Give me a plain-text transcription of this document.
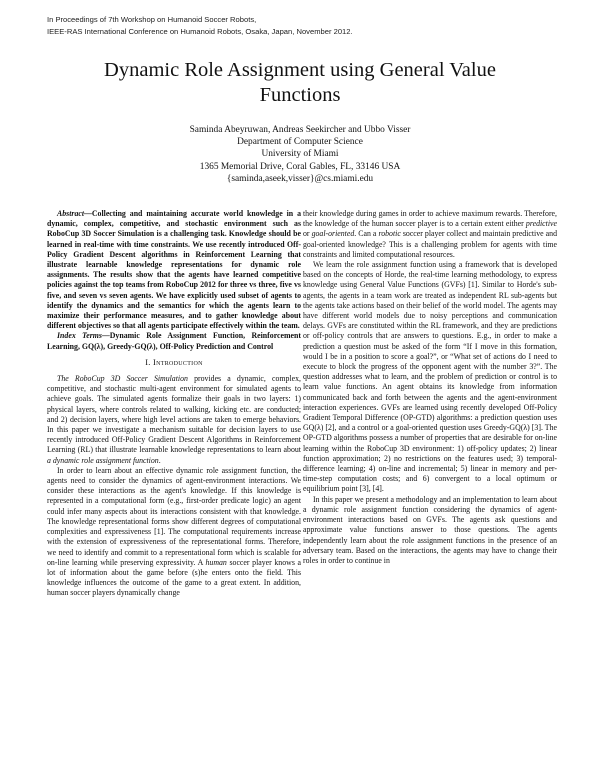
In Proceedings of 7th Workshop on Humanoid Soccer Robots,
IEEE-RAS International Conference on Humanoid Robots, Osaka, Japan, November 2012.
Dynamic Role Assignment using General Value
Functions
Saminda Abeyruwan, Andreas Seekircher and Ubbo Visser
Department of Computer Science
University of Miami
1365 Memorial Drive, Coral Gables, FL, 33146 USA
{saminda,aseek,visser}@cs.miami.edu

Abstract—Collecting and maintaining accurate world knowledge in a dynamic, complex, competitive, and stochastic environment such as RoboCup 3D Soccer Simulation is a challenging task. Knowledge should be learned in real-time with time constraints. We use recently introduced Off-Policy Gradient Descent algorithms in Reinforcement Learning that illustrate learnable knowledge representations for dynamic role assignments. The results show that the agents have learned competitive policies against the top teams from RoboCup 2012 for three vs three, five vs five, and seven vs seven agents. We have explicitly used subset of agents to identify the dynamics and the semantics for which the agents learn to maximize their performance measures, and to gather knowledge about different objectives so that all agents participate effectively within the team.

Index Terms—Dynamic Role Assignment Function, Reinforcement Learning, GQ(λ), Greedy-GQ(λ), Off-Policy Prediction and Control

I. Introduction

The RoboCup 3D Soccer Simulation provides a dynamic, complex, competitive, and stochastic multi-agent environment for simulated agents to achieve goals. The simulated agents formalize their goals in two layers: 1) physical layers, where controls related to walking, kicking etc. are conducted; and 2) decision layers, where high level actions are taken to emerge behaviors. In this paper we investigate a mechanism suitable for decision layers to use recently introduced Off-Policy Gradient Descent Algorithms in Reinforcement Learning (RL) that illustrate learnable knowledge representations to learn about a dynamic role assignment function.

In order to learn about an effective dynamic role assignment function, the agents need to consider the dynamics of agent-environment interactions. We consider these interactions as the agent's knowledge. If this knowledge is represented in a computational form (e.g., first-order predicate logic) an agent could infer many aspects about its interactions consistent with that knowledge. The knowledge representational forms show different degrees of computational complexities and expressiveness [1]. The computational requirements increase with the extension of expressiveness of the representational forms. Therefore, we need to identify and commit to a representational form which is scalable for on-line learning while preserving expressivity. A human soccer player knows a lot of information about the game before (s)he enters onto the field. This knowledge influences the outcome of the game to a great extent. In addition, human soccer players dynamically change

their knowledge during games in order to achieve maximum rewards. Therefore, the knowledge of the human soccer player is to a certain extent either predictive or goal-oriented. Can a robotic soccer player collect and maintain predictive and goal-oriented knowledge? This is a challenging problem for agents with time constraints and limited computational resources.

We learn the role assignment function using a framework that is developed based on the concepts of Horde, the real-time learning methodology, to express knowledge using General Value Functions (GVFs) [1]. Similar to Horde's sub-agents, the agents in a team work are treated as independent RL sub-agents but the agents take actions based on their belief of the world model. The agents may have different world models due to noisy perceptions and communication delays. GVFs are constituted within the RL framework, and they are predictions or off-policy controls that are answers to questions. E.g., in order to make a prediction a question must be asked of the form “If I move in this formation, would I be in a position to score a goal?”, or “What set of actions do I need to execute to block the progress of the opponent agent with the number 3?”. The question addresses what to learn, and the problem of prediction or control is to learn value functions. An agent obtains its knowledge from information communicated back and forth between the agents and the agent-environment interaction experiences. GVFs are learned using recently developed Off-Policy Gradient Temporal Difference (OP-GTD) algorithms: a prediction question uses GQ(λ) [2], and a control or a goal-oriented question uses Greedy-GQ(λ) [3]. The OP-GTD algorithms possess a number of properties that are desirable for on-line learning within the RoboCup 3D environment: 1) off-policy updates; 2) linear function approximation; 2) no restrictions on the features used; 3) temporal-difference learning; 4) on-line and incremental; 5) linear in memory and per-time-step computation costs; and 6) convergent to a local optimum or equilibrium point [3], [4].

In this paper we present a methodology and an implementation to learn about a dynamic role assignment function considering the dynamics of agent-environment interactions based on GVFs. The agents ask questions and approximate value functions answer to those questions. The agents independently learn about the role assignment functions in the presence of an adversary team. Based on the interactions, the agents may have to change their roles in order to continue in
